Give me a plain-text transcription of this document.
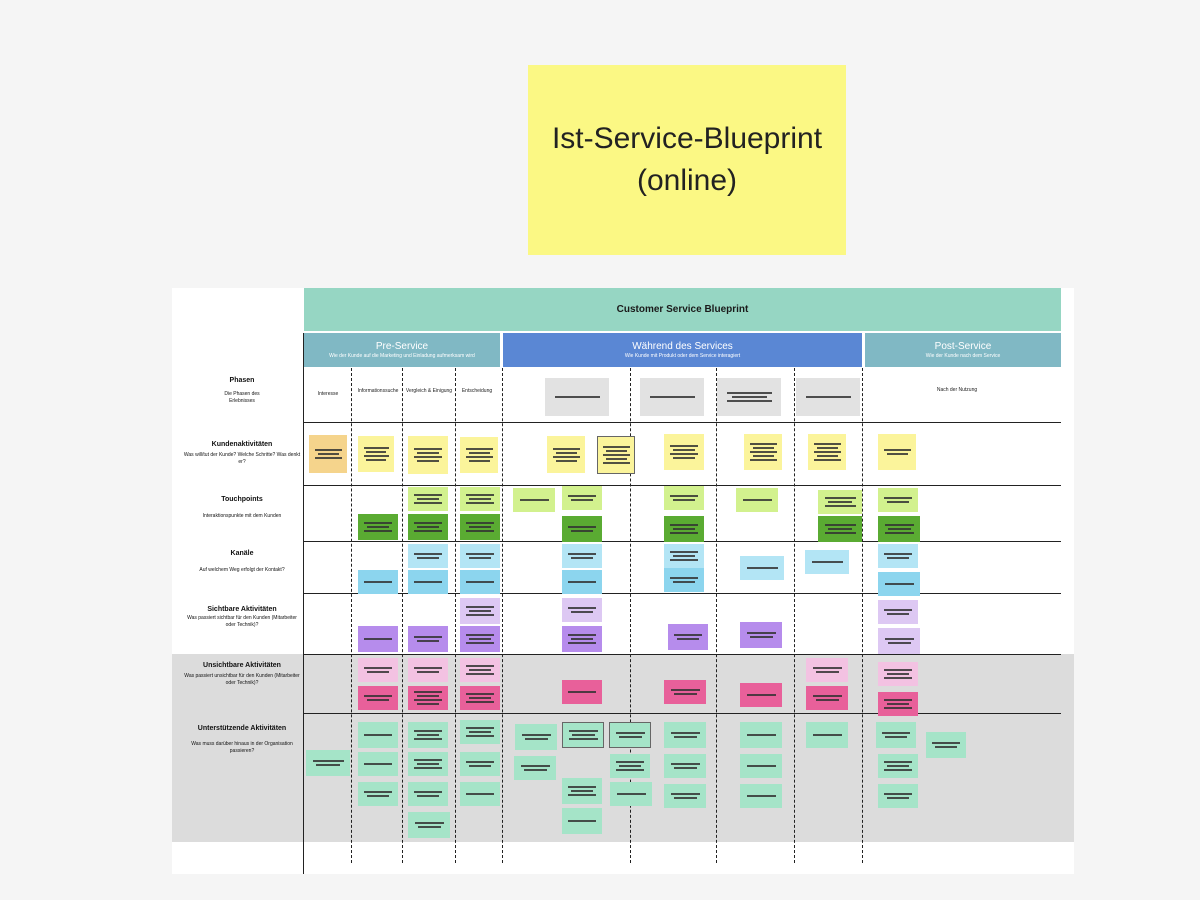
Ist-Service-Blueprint
(online)
Customer Service Blueprint
Pre-Service
Wie der Kunde auf die Marketing und Einladung aufmerksam wird
Während des Services
Wie Kunde mit Produkt oder dem Service interagiert
Post-Service
Wie der Kunde nach dem Service
Phasen
Die Phasen des Erlebnisses
Kundenaktivitäten
Was will/tut der Kunde? Welche Schritte? Was denkt er?
Touchpoints
Interaktionspunkte mit dem Kunden
Kanäle
Auf welchem Weg erfolgt der Kontakt?
Sichtbare Aktivitäten
Was passiert sichtbar für den Kunden (Mitarbeiter oder Technik)?
Unsichtbare Aktivitäten
Was passiert unsichtbar für den Kunden (Mitarbeiter oder Technik)?
Unterstützende Aktivitäten
Was muss darüber hinaus in der Organisation passieren?
Interesse	Informationssuche	Vergleich & Einigung	Entscheidung	Nach der Nutzung
